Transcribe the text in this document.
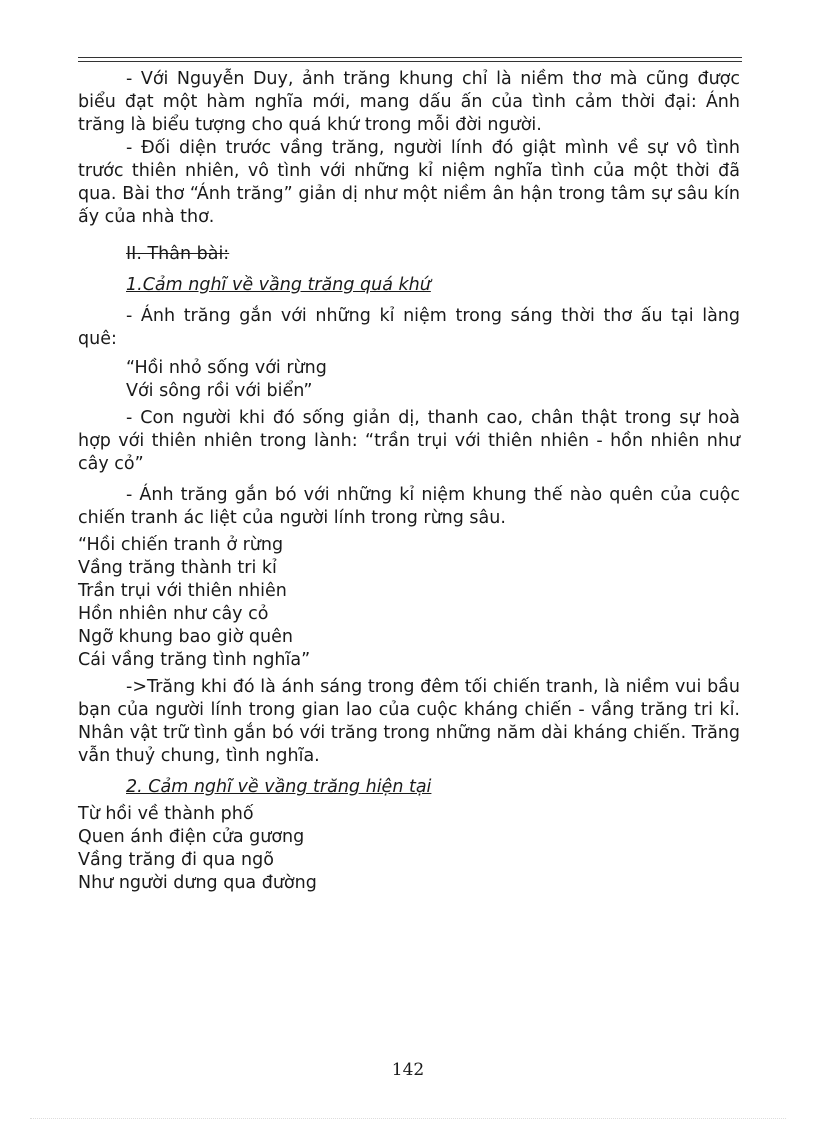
- Với Nguyễn Duy, ảnh trăng khung chỉ là niềm thơ mà cũng được biểu đạt một hàm nghĩa mới, mang dấu ấn của tình cảm thời đại: Ánh trăng là biểu tượng cho quá khứ trong mỗi đời người.

- Đối diện trước vầng trăng, người lính đó giật mình về sự vô tình trước thiên nhiên, vô tình với những kỉ niệm nghĩa tình của một thời đã qua. Bài thơ “Ánh trăng” giản dị như một niềm ân hận trong tâm sự sâu kín ấy của nhà thơ.

II. Thân bài:

1.Cảm nghĩ về vầng trăng quá khứ

- Ánh trăng gắn với những kỉ niệm trong sáng thời thơ ấu tại làng quê:

“Hồi nhỏ sống với rừng

Với sông rồi với biển”

- Con người khi đó sống giản dị, thanh cao, chân thật trong sự hoà hợp với thiên nhiên trong lành: “trần trụi với thiên nhiên - hồn nhiên như cây cỏ”

- Ánh trăng gắn bó với những kỉ niệm khung thế nào quên của cuộc chiến tranh ác liệt của người lính trong rừng sâu.

“Hồi chiến tranh ở rừng

Vầng trăng thành tri kỉ

Trần trụi với thiên nhiên

Hồn nhiên như cây cỏ

Ngỡ khung bao giờ quên

Cái vầng trăng tình nghĩa”

->Trăng khi đó là ánh sáng trong đêm tối chiến tranh, là niềm vui bầu bạn của người lính trong gian lao của cuộc kháng chiến - vầng trăng tri kỉ. Nhân vật trữ tình gắn bó với trăng trong những năm dài kháng chiến. Trăng vẫn thuỷ chung, tình nghĩa.

2. Cảm nghĩ về vầng trăng hiện tại

Từ hồi về thành phố

Quen ánh điện cửa gương

Vầng trăng đi qua ngõ

Như người dưng qua đường

142
